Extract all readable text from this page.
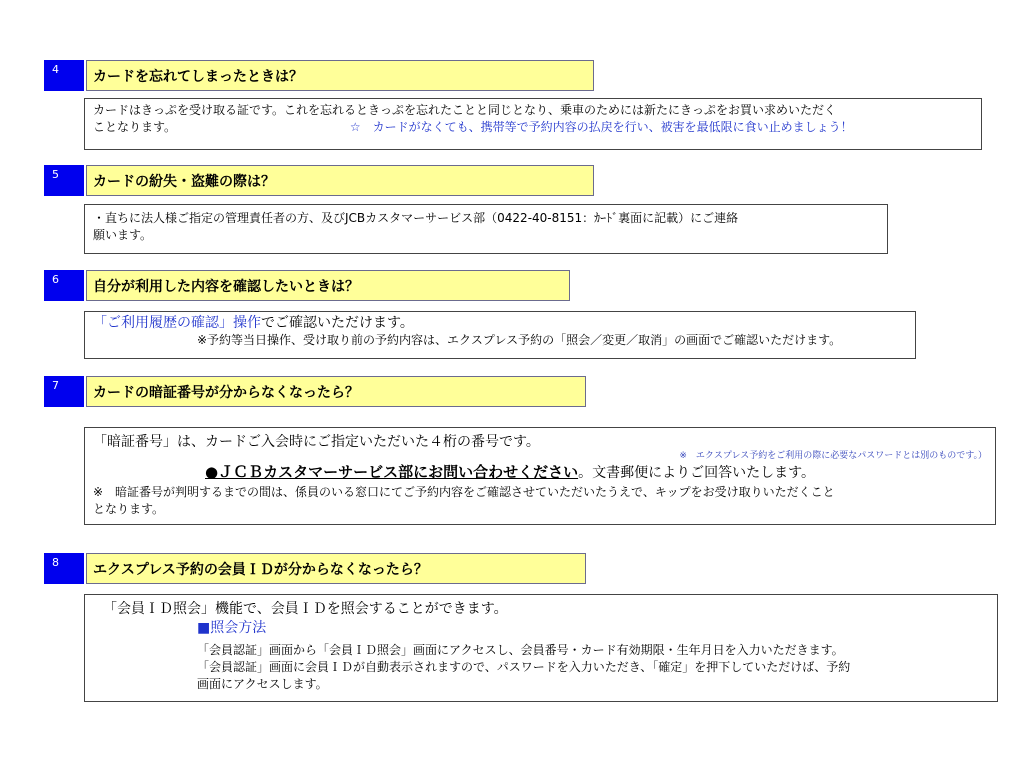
4	カードを忘れてしまったときは？

カードはきっぷを受け取る証です。これを忘れるときっぷを忘れたことと同じとなり、乗車のためには新たにきっぷをお買い求めいただく

ことなります。	☆　カードがなくても、携帯等で予約内容の払戻を行い、被害を最低限に食い止めましょう！

5	カードの紛失・盗難の際は？

・直ちに法人様ご指定の管理責任者の方、及びJCBカスタマーサービス部（0422-40-8151：ｶｰﾄﾞ裏面に記載）にご連絡

願います。

6	自分が利用した内容を確認したいときは？

「ご利用履歴の確認」操作でご確認いただけます。

※予約等当日操作、受け取り前の予約内容は、エクスプレス予約の「照会／変更／取消」の画面でご確認いただけます。

7	カードの暗証番号が分からなくなったら？

「暗証番号」は、カードご入会時にご指定いただいた４桁の番号です。

※　エクスプレス予約をご利用の際に必要なパスワードとは別のものです。）

●ＪＣＢカスタマーサービス部にお問い合わせください。文書郵便によりご回答いたします。

※　暗証番号が判明するまでの間は、係員のいる窓口にてご予約内容をご確認させていただいたうえで、キップをお受け取りいただくこと

となります。

8	エクスプレス予約の会員ＩＤが分からなくなったら？

「会員ＩＤ照会」機能で、会員ＩＤを照会することができます。

■照会方法

「会員認証」画面から「会員ＩＤ照会」画面にアクセスし、会員番号・カード有効期限・生年月日を入力いただきます。

「会員認証」画面に会員ＩＤが自動表示されますので、パスワードを入力いただき、「確定」を押下していただけば、予約

画面にアクセスします。
